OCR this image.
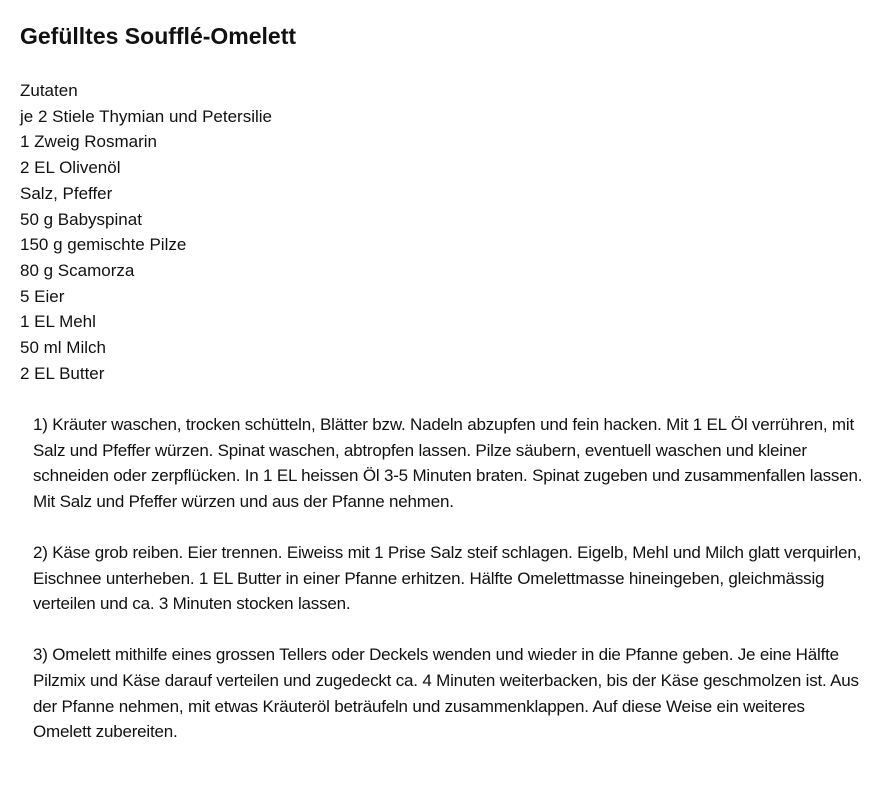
Gefülltes Soufflé-Omelett
Zutaten
je 2 Stiele Thymian und Petersilie
1 Zweig Rosmarin
2 EL Olivenöl
Salz, Pfeffer
50 g Babyspinat
150 g gemischte Pilze
80 g Scamorza
5 Eier
1 EL Mehl
50 ml Milch
2 EL Butter

1) Kräuter waschen, trocken schütteln, Blätter bzw. Nadeln abzupfen und fein hacken. Mit 1 EL Öl verrühren, mit Salz und Pfeffer würzen. Spinat waschen, abtropfen lassen. Pilze säubern, eventuell waschen und kleiner schneiden oder zerpflücken. In 1 EL heissen Öl 3-5 Minuten braten. Spinat zugeben und zusammenfallen lassen. Mit Salz und Pfeffer würzen und aus der Pfanne nehmen.

2) Käse grob reiben. Eier trennen. Eiweiss mit 1 Prise Salz steif schlagen. Eigelb, Mehl und Milch glatt verquirlen, Eischnee unterheben. 1 EL Butter in einer Pfanne erhitzen. Hälfte Omelettmasse hineingeben, gleichmässig verteilen und ca. 3 Minuten stocken lassen.

3) Omelett mithilfe eines grossen Tellers oder Deckels wenden und wieder in die Pfanne geben. Je eine Hälfte Pilzmix und Käse darauf verteilen und zugedeckt ca. 4 Minuten weiterbacken, bis der Käse geschmolzen ist. Aus der Pfanne nehmen, mit etwas Kräuteröl beträufeln und zusammenklappen. Auf diese Weise ein weiteres Omelett zubereiten.
